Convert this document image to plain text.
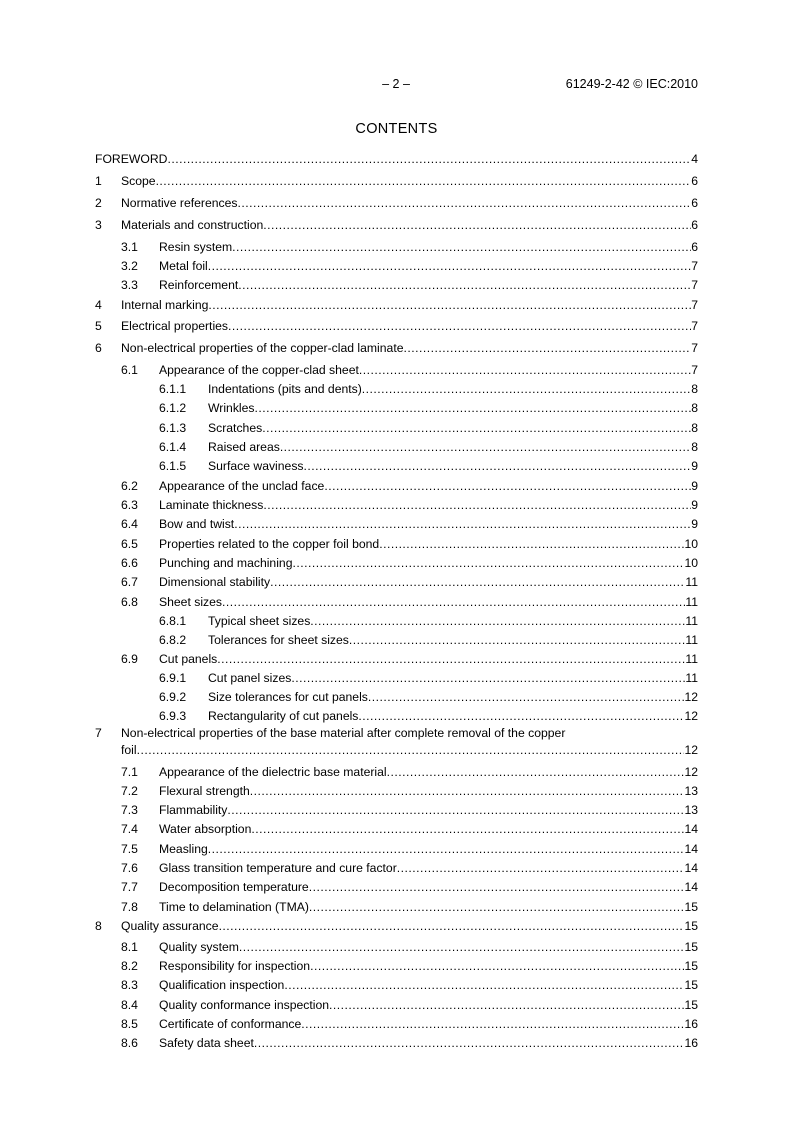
– 2 –	61249-2-42 © IEC:2010
CONTENTS
FOREWORD . . .	4
1 Scope . . .	6
2 Normative references . . .	6
3 Materials and construction . . .	6
3.1 Resin system . . .	6
3.2 Metal foil . . .	7
3.3 Reinforcement . . .	7
4 Internal marking . . .	7
5 Electrical properties . . .	7
6 Non-electrical properties of the copper-clad laminate . . .	7
6.1 Appearance of the copper-clad sheet . . .	7
6.1.1 Indentations (pits and dents) . . .	8
6.1.2 Wrinkles . . .	8
6.1.3 Scratches . . .	8
6.1.4 Raised areas . . .	8
6.1.5 Surface waviness . . .	9
6.2 Appearance of the unclad face . . .	9
6.3 Laminate thickness . . .	9
6.4 Bow and twist . . .	9
6.5 Properties related to the copper foil bond . . .	10
6.6 Punching and machining . . .	10
6.7 Dimensional stability . . .	11
6.8 Sheet sizes . . .	11
6.8.1 Typical sheet sizes . . .	11
6.8.2 Tolerances for sheet sizes . . .	11
6.9 Cut panels . . .	11
6.9.1 Cut panel sizes . . .	11
6.9.2 Size tolerances for cut panels . . .	12
6.9.3 Rectangularity of cut panels . . .	12
7 Non-electrical properties of the base material after complete removal of the copper
foil . . .	12
7.1 Appearance of the dielectric base material . . .	12
7.2 Flexural strength . . .	13
7.3 Flammability . . .	13
7.4 Water absorption . . .	14
7.5 Measling . . .	14
7.6 Glass transition temperature and cure factor . . .	14
7.7 Decomposition temperature . . .	14
7.8 Time to delamination (TMA) . . .	15
8 Quality assurance . . .	15
8.1 Quality system . . .	15
8.2 Responsibility for inspection . . .	15
8.3 Qualification inspection . . .	15
8.4 Quality conformance inspection . . .	15
8.5 Certificate of conformance . . .	16
8.6 Safety data sheet . . .	16
